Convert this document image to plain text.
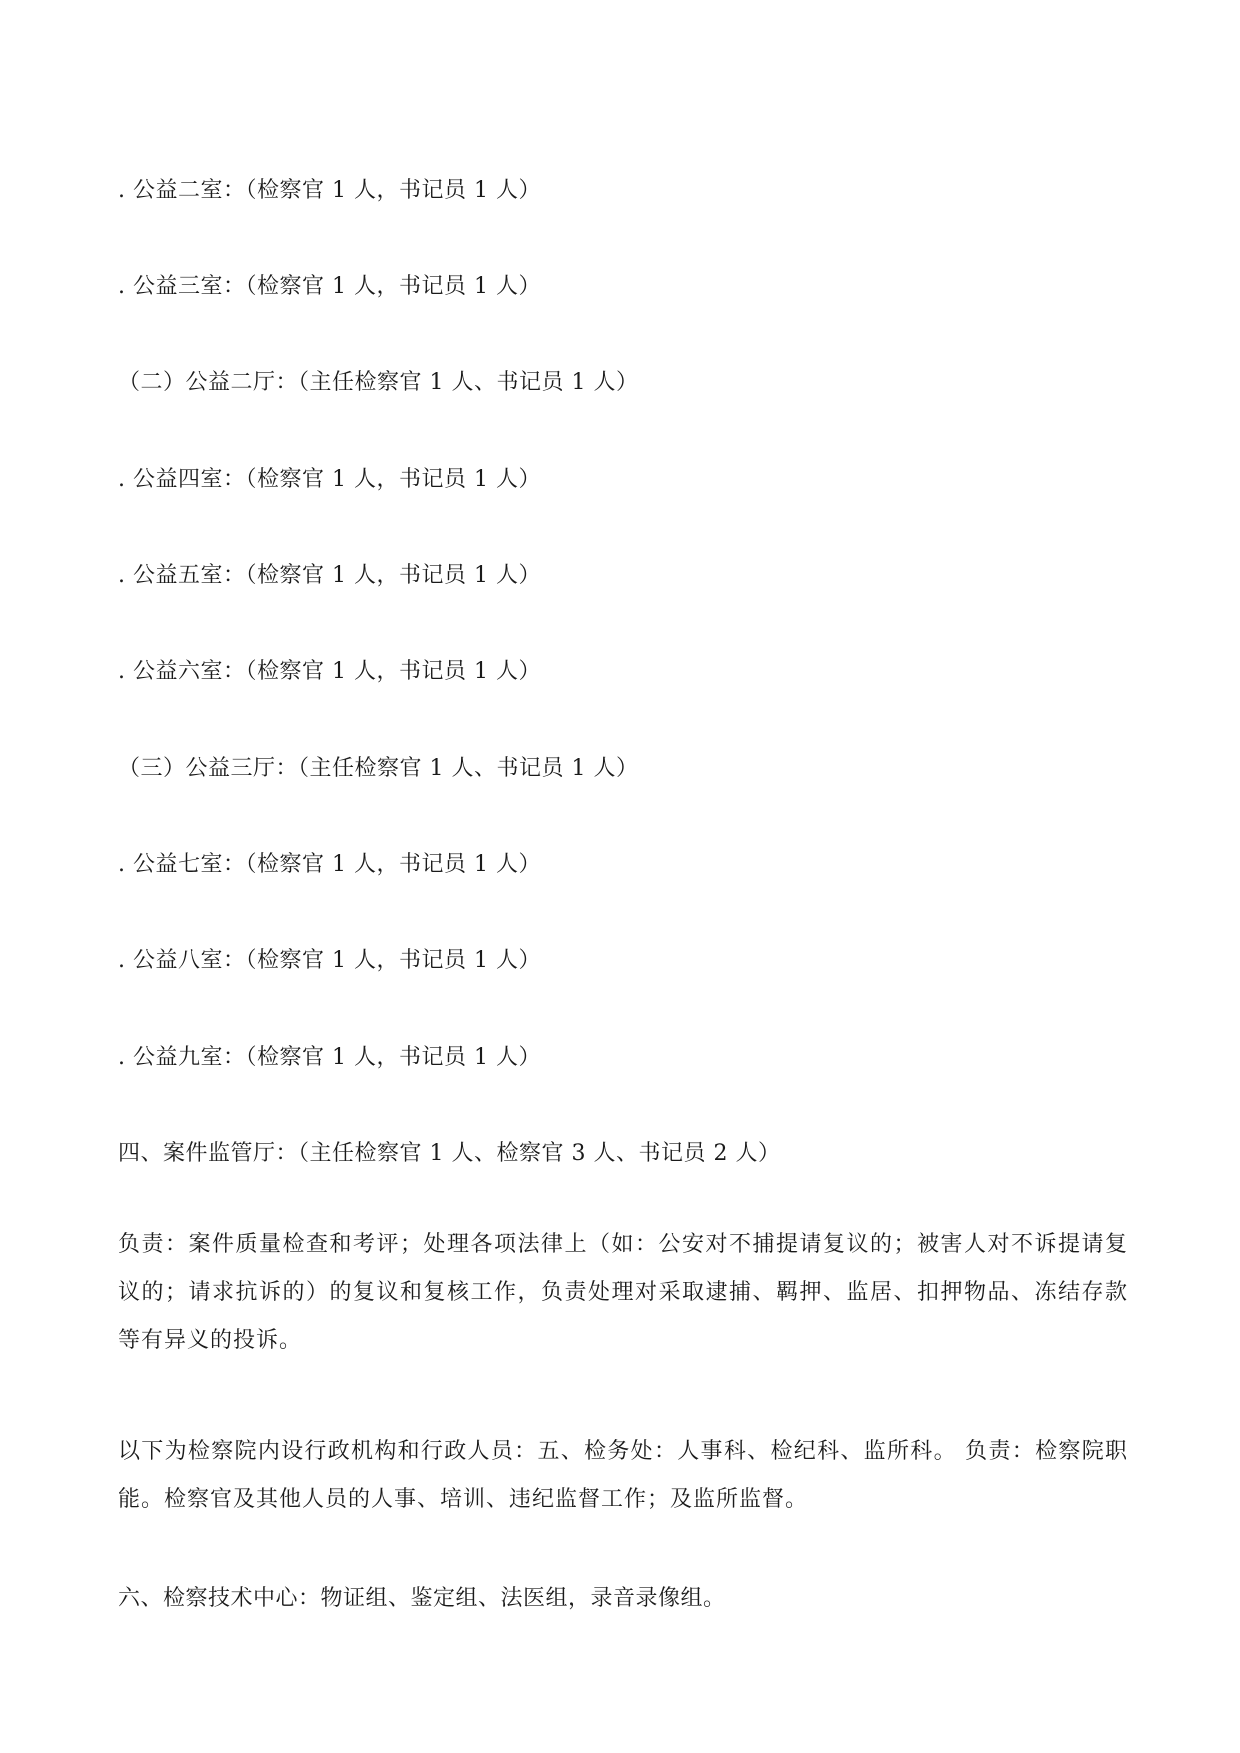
. 公益二室：（检察官 1 人，书记员 1 人）
. 公益三室：（检察官 1 人，书记员 1 人）
（二）公益二厅：（主任检察官 1 人、书记员 1 人）
. 公益四室：（检察官 1 人，书记员 1 人）
. 公益五室：（检察官 1 人，书记员 1 人）
. 公益六室：（检察官 1 人，书记员 1 人）
（三）公益三厅：（主任检察官 1 人、书记员 1 人）
. 公益七室：（检察官 1 人，书记员 1 人）
. 公益八室：（检察官 1 人，书记员 1 人）
. 公益九室：（检察官 1 人，书记员 1 人）
四、案件监管厅：（主任检察官 1 人、检察官 3 人、书记员 2 人）
负责：案件质量检查和考评；处理各项法律上（如：公安对不捕提请复议的；被害人对不诉提请复议的；请求抗诉的）的复议和复核工作，负责处理对采取逮捕、羁押、监居、扣押物品、冻结存款等有异义的投诉。
以下为检察院内设行政机构和行政人员：五、检务处：人事科、检纪科、监所科。 负责：检察院职能。检察官及其他人员的人事、培训、违纪监督工作；及监所监督。
六、检察技术中心：物证组、鉴定组、法医组，录音录像组。
